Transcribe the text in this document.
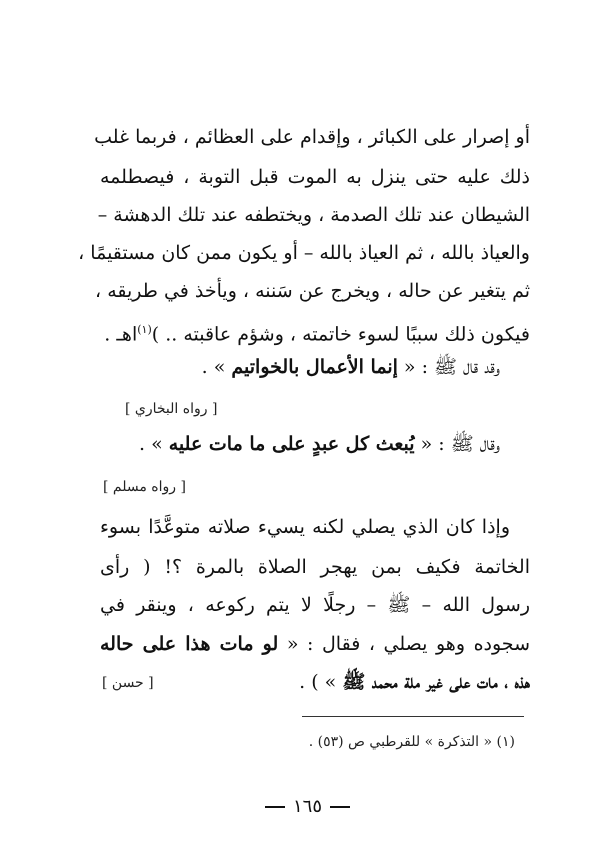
أو إصرار على الكبائر ، وإقدام على العظائم ، فربما غلب
ذلك عليه حتى ينزل به الموت قبل التوبة ، فيصطلمه
الشيطان عند تلك الصدمة ، ويختطفه عند تلك الدهشة –
والعياذ بالله ، ثم العياذ بالله – أو يكون ممن كان مستقيمًا ،
ثم يتغير عن حاله ، ويخرج عن سَننه ، ويأخذ في طريقه ،
فيكون ذلك سببًا لسوء خاتمته ، وشؤم عاقبته .. )$^{(١)}$اهـ .
وقد قال ﷺ : « إنما الأعمال بالخواتيم » .
[ رواه البخاري ]
وقال ﷺ : « يُبعث كل عبدٍ على ما مات عليه » .
[ رواه مسلم ]
وإذا كان الذي يصلي لكنه يسيء صلاته متوعَّدًا بسوء
الخاتمة فكيف بمن يهجر الصلاة بالمرة ؟! ( رأى
رسول الله – ﷺ – رجلًا لا يتم ركوعه ، وينقر في
سجوده وهو يصلي ، فقال : « لو مات هذا على حاله
هذه ، مات على غير ملة محمد ﷺ » ) .
[ حسن ]
(١) « التذكرة » للقرطبي ص (٥٣) .
١٦٥
